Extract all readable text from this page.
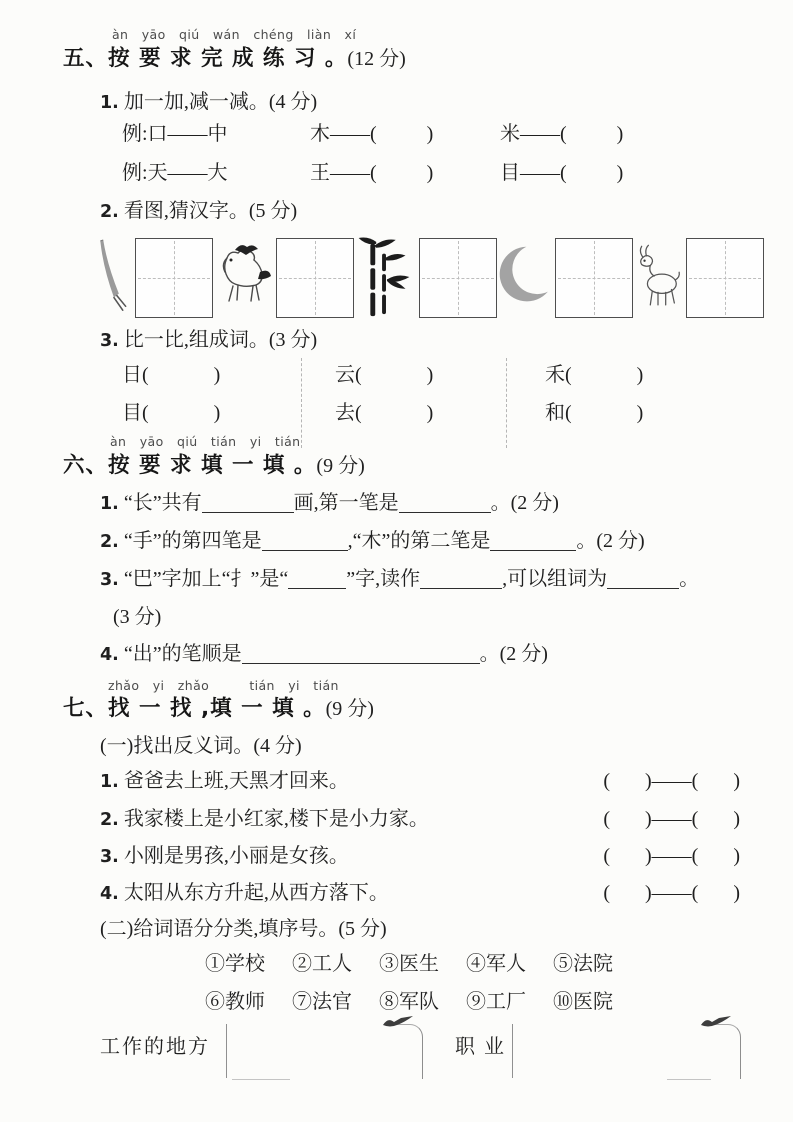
àn yāo qiú wán chéng liàn xí
五、按 要 求 完 成 练 习 。(12 分)
1. 加一加,减一减。(4 分)
例:口——中	木——(          )	米——(          )
例:天——大	王——(          )	目——(          )
2. 看图,猜汉字。(5 分)
3. 比一比,组成词。(3 分)
日(             )	云(             )	禾(             )
目(             )	去(             )	和(             )
àn yāo qiú tián yi tián
六、按 要 求 填 一 填 。(9 分)
1. “长”共有	画,第一笔是	。(2 分)
2. “手”的第四笔是	,“木”的第二笔是	。(2 分)
3. “巴”字加上“扌”是“	”字,读作	,可以组词为	。
(3 分)
4. “出”的笔顺是	。(2 分)
zhǎo yi zhǎo   tián yi tián
七、找 一 找 ,填 一 填 。(9 分)
(一)找出反义词。(4 分)
1. 爸爸去上班,天黑才回来。	(       )——(       )
2. 我家楼上是小红家,楼下是小力家。	(       )——(       )
3. 小刚是男孩,小丽是女孩。	(       )——(       )
4. 太阳从东方升起,从西方落下。	(       )——(       )
(二)给词语分分类,填序号。(5 分)
①学校 ②工人 ③医生 ④军人 ⑤法院
⑥教师 ⑦法官 ⑧军队 ⑨工厂 ⑩医院
工作的地方	职 业
